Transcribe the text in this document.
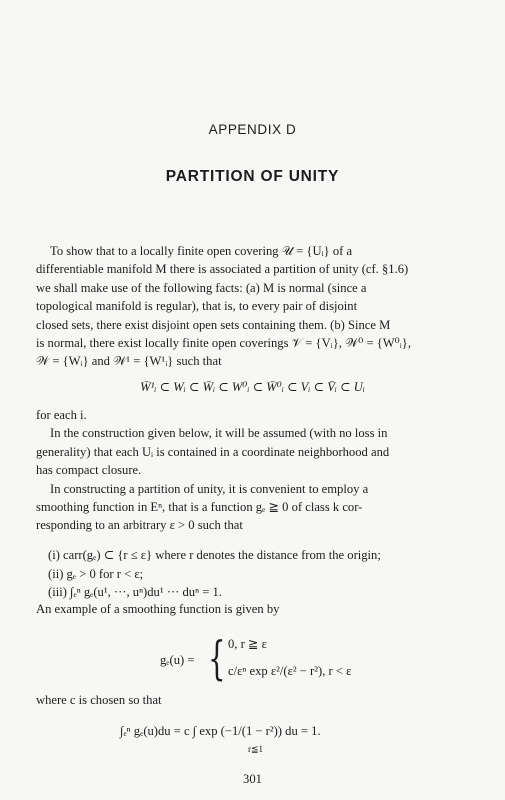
APPENDIX D
PARTITION OF UNITY

To show that to a locally finite open covering 𝒰 = {Uᵢ} of a

differentiable manifold M there is associated a partition of unity (cf. §1.6)

we shall make use of the following facts: (a) M is normal (since a

topological manifold is regular), that is, to every pair of disjoint

closed sets, there exist disjoint open sets containing them. (b) Since M

is normal, there exist locally finite open coverings 𝒱 = {Vᵢ}, 𝒲⁰ = {W⁰ᵢ},

𝒲 = {Wᵢ} and 𝒲¹ = {W¹ᵢ} such that

W̄¹ᵢ ⊂ Wᵢ ⊂ W̄ᵢ ⊂ W⁰ᵢ ⊂ W̄⁰ᵢ ⊂ Vᵢ ⊂ V̄ᵢ ⊂ Uᵢ

for each i.

In the construction given below, it will be assumed (with no loss in

generality) that each Uᵢ is contained in a coordinate neighborhood and

has compact closure.

In constructing a partition of unity, it is convenient to employ a

smoothing function in Eⁿ, that is a function gₑ ≧ 0 of class k cor-

responding to an arbitrary ε > 0 such that

(i) carr(gₑ) ⊂ {r ≤ ε} where r denotes the distance from the origin;
(ii) gₑ > 0 for r < ε;
(iii) ∫ₑⁿ gₑ(u¹, ···, uⁿ)du¹ ··· duⁿ = 1.
An example of a smoothing function is given by
gₑ(u) = { 0, r ≧ ε
c/εⁿ exp ε²/(ε² − r²), r < ε
where c is chosen so that
∫ₑⁿ gₑ(u)du = c ∫ exp (−1/(1 − r²)) du = 1.
r≦1
301
